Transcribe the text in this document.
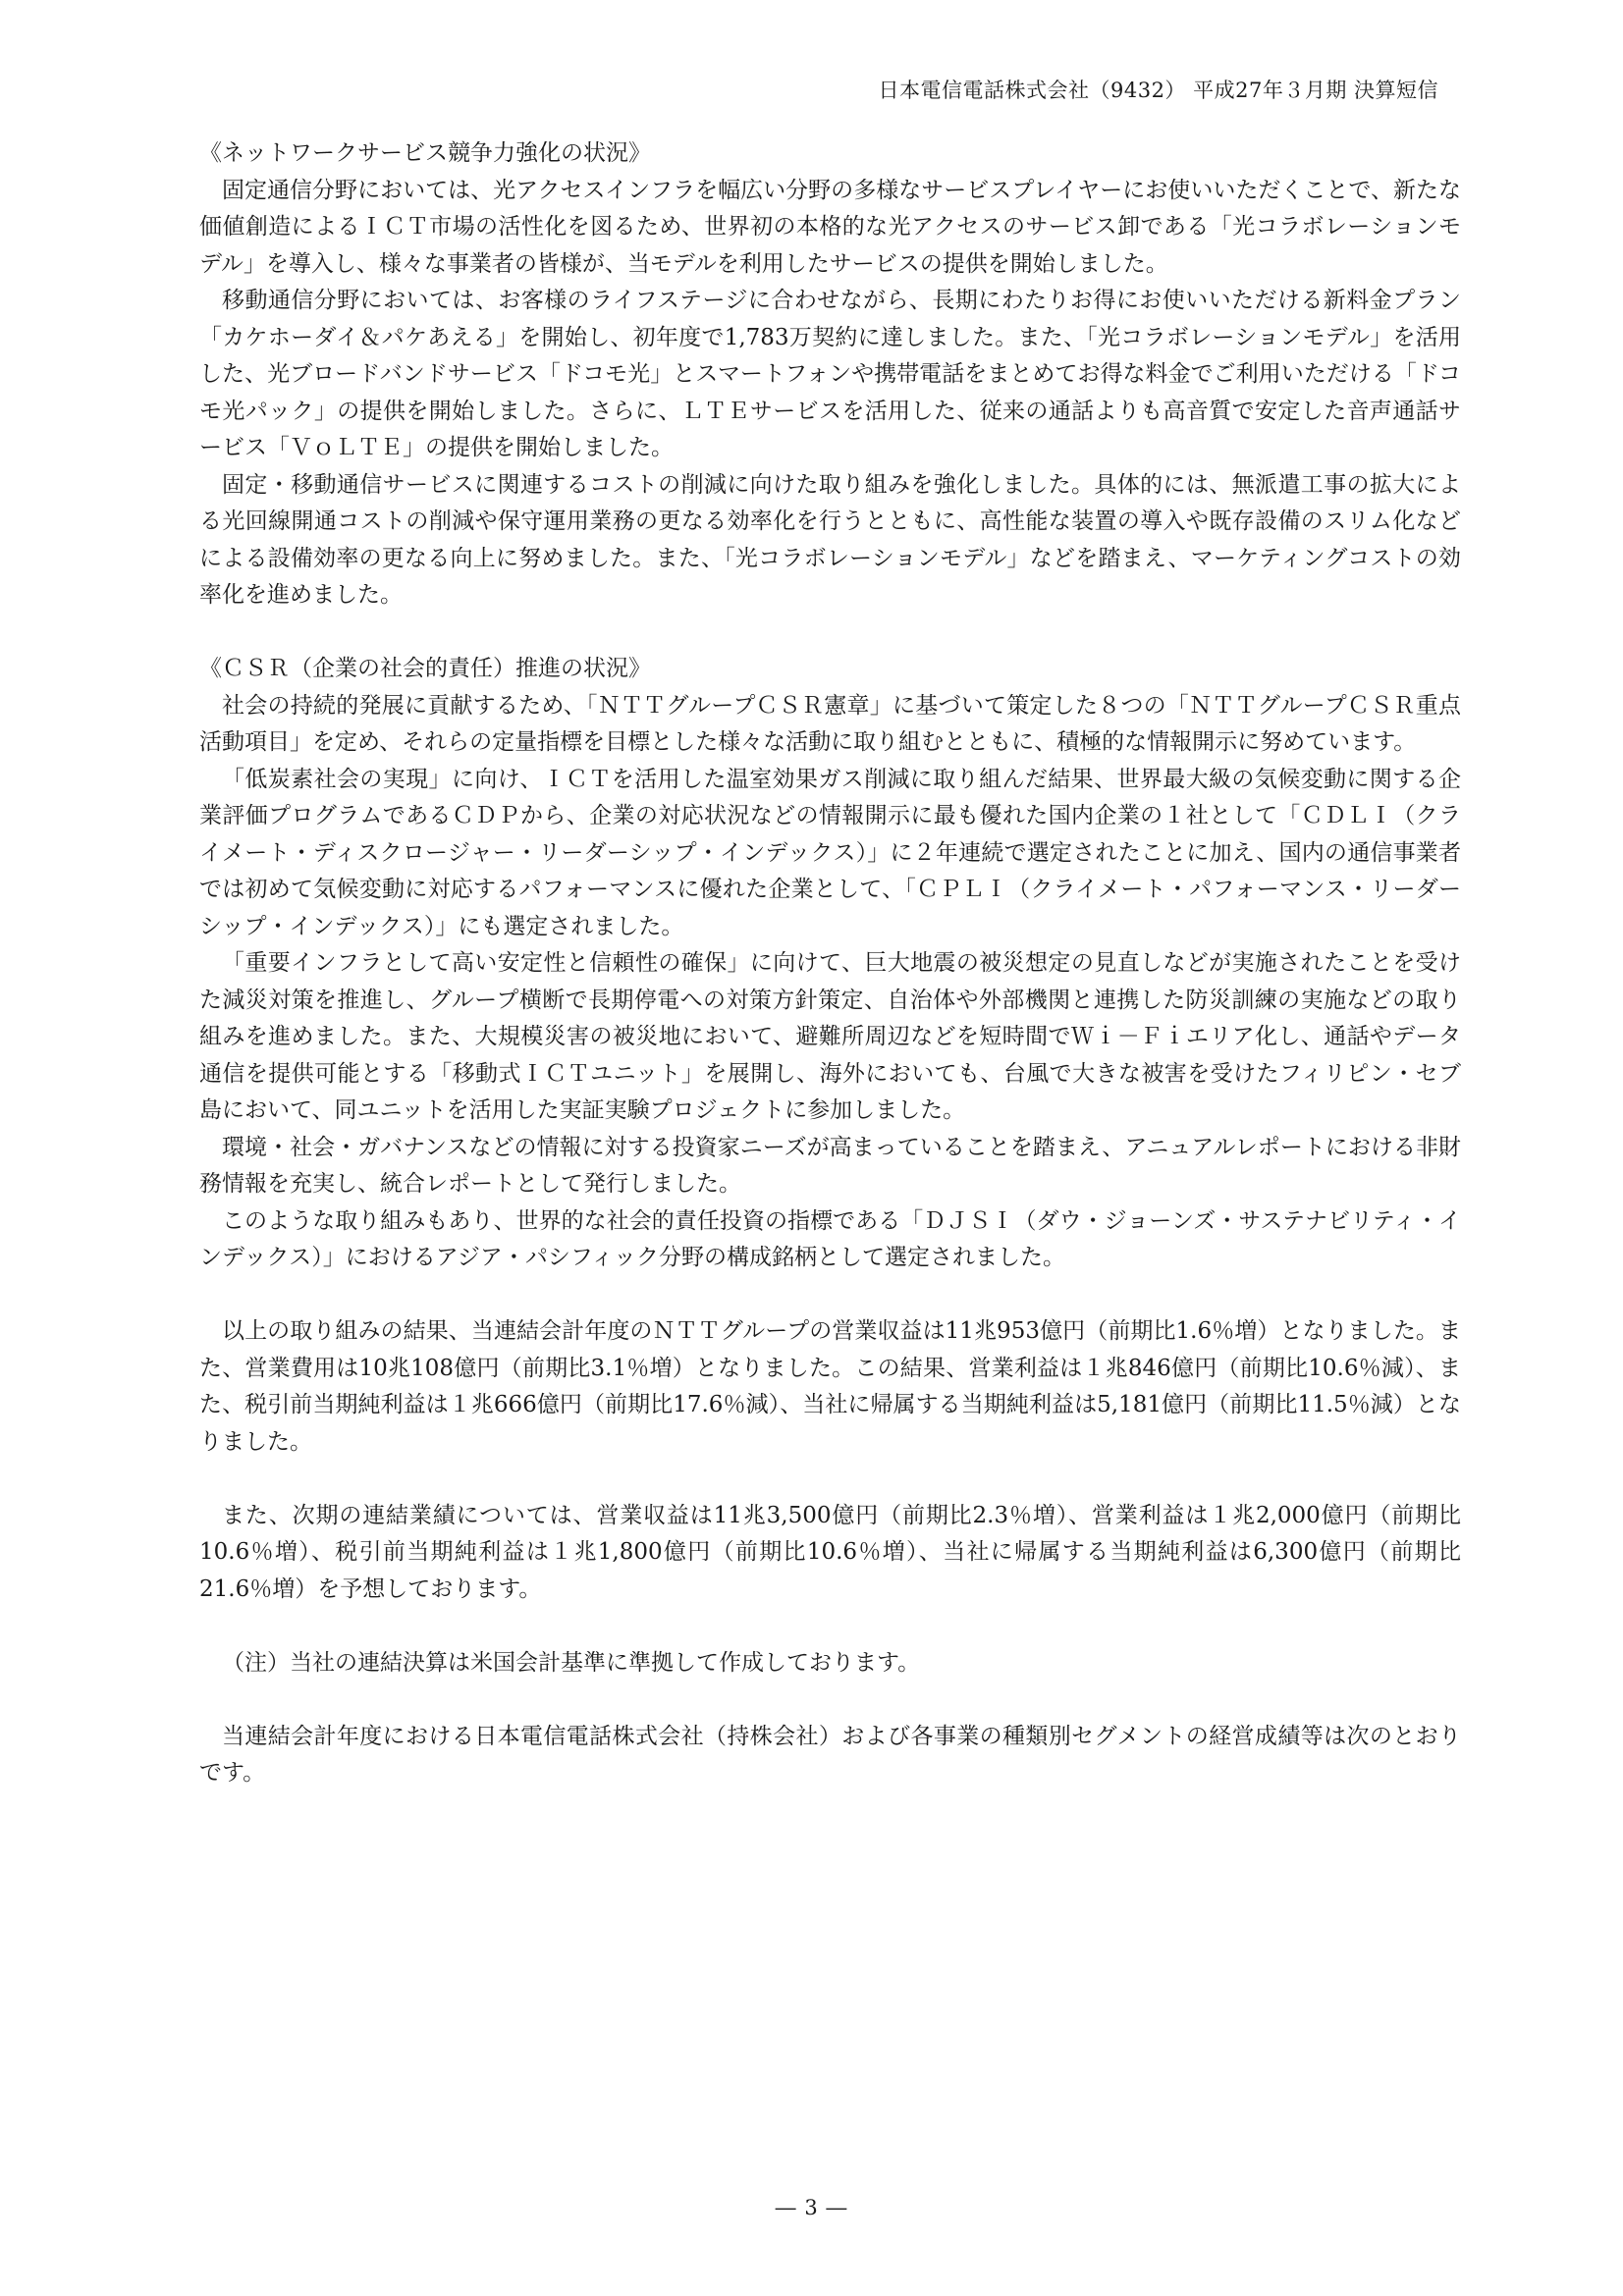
日本電信電話株式会社（9432） 平成27年３月期 決算短信

《ネットワークサービス競争力強化の状況》

固定通信分野においては、光アクセスインフラを幅広い分野の多様なサービスプレイヤーにお使いいただくことで、新たな価値創造によるＩＣＴ市場の活性化を図るため、世界初の本格的な光アクセスのサービス卸である「光コラボレーションモデル」を導入し、様々な事業者の皆様が、当モデルを利用したサービスの提供を開始しました。

移動通信分野においては、お客様のライフステージに合わせながら、長期にわたりお得にお使いいただける新料金プラン「カケホーダイ＆パケあえる」を開始し、初年度で1,783万契約に達しました。また、「光コラボレーションモデル」を活用した、光ブロードバンドサービス「ドコモ光」とスマートフォンや携帯電話をまとめてお得な料金でご利用いただける「ドコモ光パック」の提供を開始しました。さらに、ＬＴＥサービスを活用した、従来の通話よりも高音質で安定した音声通話サービス「ＶｏＬＴＥ」の提供を開始しました。

固定・移動通信サービスに関連するコストの削減に向けた取り組みを強化しました。具体的には、無派遣工事の拡大による光回線開通コストの削減や保守運用業務の更なる効率化を行うとともに、高性能な装置の導入や既存設備のスリム化などによる設備効率の更なる向上に努めました。また、「光コラボレーションモデル」などを踏まえ、マーケティングコストの効率化を進めました。

《ＣＳＲ（企業の社会的責任）推進の状況》

社会の持続的発展に貢献するため、「ＮＴＴグループＣＳＲ憲章」に基づいて策定した８つの「ＮＴＴグループＣＳＲ重点活動項目」を定め、それらの定量指標を目標とした様々な活動に取り組むとともに、積極的な情報開示に努めています。

「低炭素社会の実現」に向け、ＩＣＴを活用した温室効果ガス削減に取り組んだ結果、世界最大級の気候変動に関する企業評価プログラムであるＣＤＰから、企業の対応状況などの情報開示に最も優れた国内企業の１社として「ＣＤＬＩ（クライメート・ディスクロージャー・リーダーシップ・インデックス）」に２年連続で選定されたことに加え、国内の通信事業者では初めて気候変動に対応するパフォーマンスに優れた企業として、「ＣＰＬＩ（クライメート・パフォーマンス・リーダーシップ・インデックス）」にも選定されました。

「重要インフラとして高い安定性と信頼性の確保」に向けて、巨大地震の被災想定の見直しなどが実施されたことを受けた減災対策を推進し、グループ横断で長期停電への対策方針策定、自治体や外部機関と連携した防災訓練の実施などの取り組みを進めました。また、大規模災害の被災地において、避難所周辺などを短時間でＷｉ－Ｆｉエリア化し、通話やデータ通信を提供可能とする「移動式ＩＣＴユニット」を展開し、海外においても、台風で大きな被害を受けたフィリピン・セブ島において、同ユニットを活用した実証実験プロジェクトに参加しました。

環境・社会・ガバナンスなどの情報に対する投資家ニーズが高まっていることを踏まえ、アニュアルレポートにおける非財務情報を充実し、統合レポートとして発行しました。

このような取り組みもあり、世界的な社会的責任投資の指標である「ＤＪＳＩ（ダウ・ジョーンズ・サステナビリティ・インデックス）」におけるアジア・パシフィック分野の構成銘柄として選定されました。

以上の取り組みの結果、当連結会計年度のＮＴＴグループの営業収益は11兆953億円（前期比1.6％増）となりました。また、営業費用は10兆108億円（前期比3.1％増）となりました。この結果、営業利益は１兆846億円（前期比10.6％減）、また、税引前当期純利益は１兆666億円（前期比17.6％減）、当社に帰属する当期純利益は5,181億円（前期比11.5％減）となりました。

また、次期の連結業績については、営業収益は11兆3,500億円（前期比2.3％増）、営業利益は１兆2,000億円（前期比10.6％増）、税引前当期純利益は１兆1,800億円（前期比10.6％増）、当社に帰属する当期純利益は6,300億円（前期比21.6％増）を予想しております。

（注）当社の連結決算は米国会計基準に準拠して作成しております。

当連結会計年度における日本電信電話株式会社（持株会社）および各事業の種類別セグメントの経営成績等は次のとおりです。

― 3 ―
